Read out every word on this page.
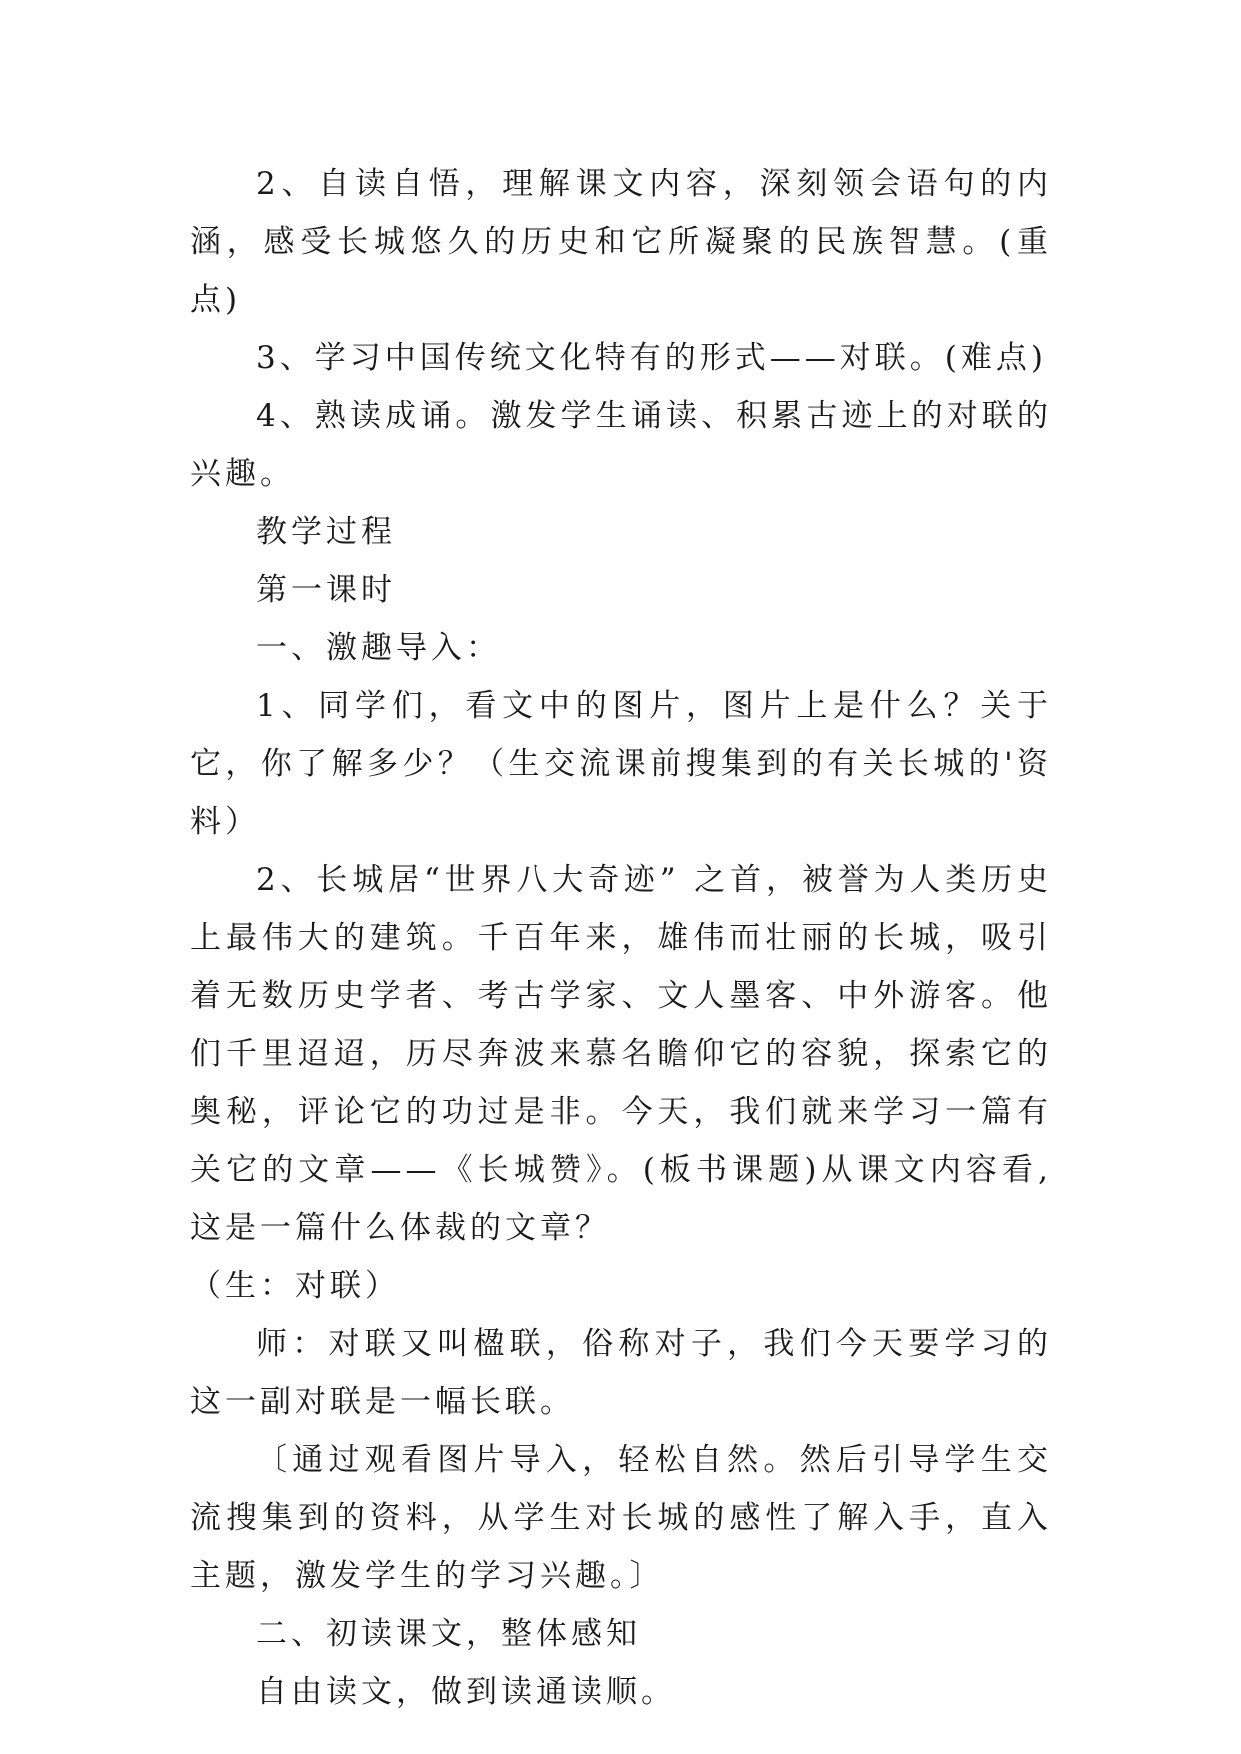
2、自读自悟，理解课文内容，深刻领会语句的内涵，感受长城悠久的历史和它所凝聚的民族智慧。(重点)

3、学习中国传统文化特有的形式——对联。(难点)

4、熟读成诵。激发学生诵读、积累古迹上的对联的兴趣。

教学过程

第一课时

一、激趣导入：

1、同学们，看文中的图片，图片上是什么？关于它，你了解多少？（生交流课前搜集到的有关长城的'资料）

2、长城居“世界八大奇迹” 之首，被誉为人类历史上最伟大的建筑。千百年来，雄伟而壮丽的长城，吸引着无数历史学者、考古学家、文人墨客、中外游客。他们千里迢迢，历尽奔波来慕名瞻仰它的容貌，探索它的奥秘，评论它的功过是非。今天，我们就来学习一篇有关它的文章——《长城赞》。(板书课题)从课文内容看,这是一篇什么体裁的文章？

（生：对联）

师：对联又叫楹联，俗称对子，我们今天要学习的这一副对联是一幅长联。

〔通过观看图片导入，轻松自然。然后引导学生交流搜集到的资料，从学生对长城的感性了解入手，直入主题，激发学生的学习兴趣。〕

二、初读课文，整体感知

自由读文，做到读通读顺。
